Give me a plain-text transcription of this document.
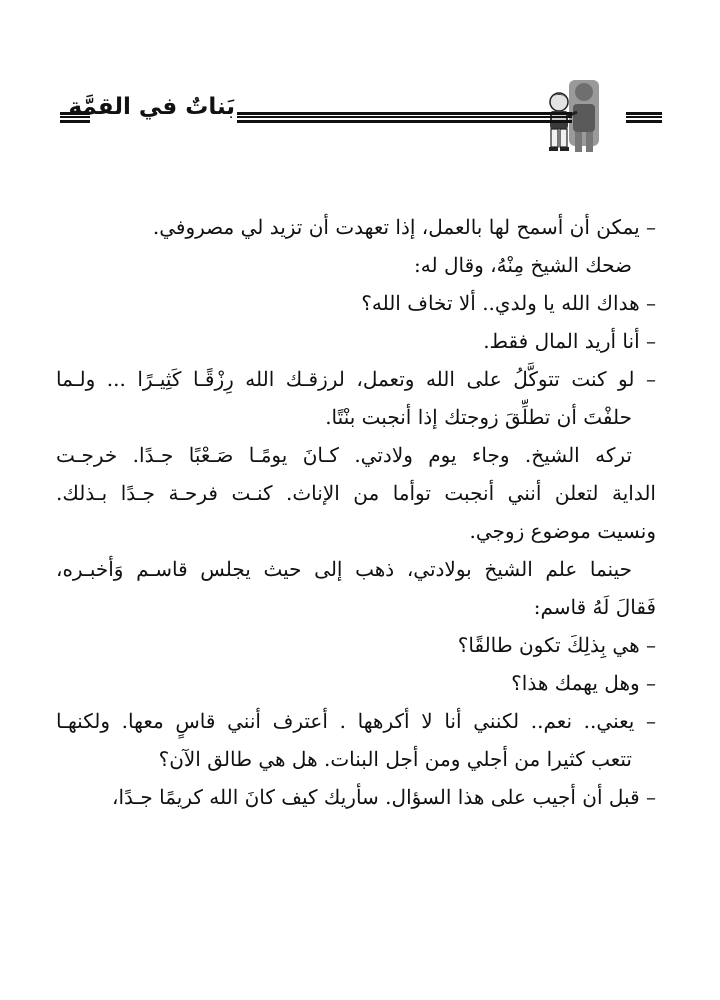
بَناتٌ في القمَّة
– يمكن أن أسمح لها بالعمل، إذا تعهدت أن تزيد لي مصروفي.
ضحك الشيخ مِنْهُ، وقال له:
– هداك الله يا ولدي.. ألا تخاف الله؟
– أنا أريد المال فقط.
– لو كنت تتوكَّلُ على الله وتعمل، لرزقـك الله رِزْقًـا كَثِيـرًا ... ولـما
حلفْتَ أن تطلِّقَ زوجتك إذا أنجبت بنْتًا.
تركه الشيخ. وجاء يوم ولادتي. كـانَ يومًـا صَـعْبًا جـدًا. خرجـت
الداية لتعلن أنني أنجبت توأما من الإناث. كنـت فرحـة جـدًا بـذلك.
ونسيت موضوع زوجي.
حينما علم الشيخ بولادتي، ذهب إلى حيث يجلس قاسـم وَأخبـره،
فَقالَ لَهُ قاسم:
– هي بِذلِكَ تكون طالقًا؟
– وهل يهمك هذا؟
– يعني.. نعم.. لكنني أنا لا أكرهها . أعترف أنني قاسٍ معها. ولكنهـا
تتعب كثيرا من أجلي ومن أجل البنات. هل هي طالق الآن؟
– قبل أن أجيب على هذا السؤال. سأريك كيف كانَ الله كريمًا جـدًا،
